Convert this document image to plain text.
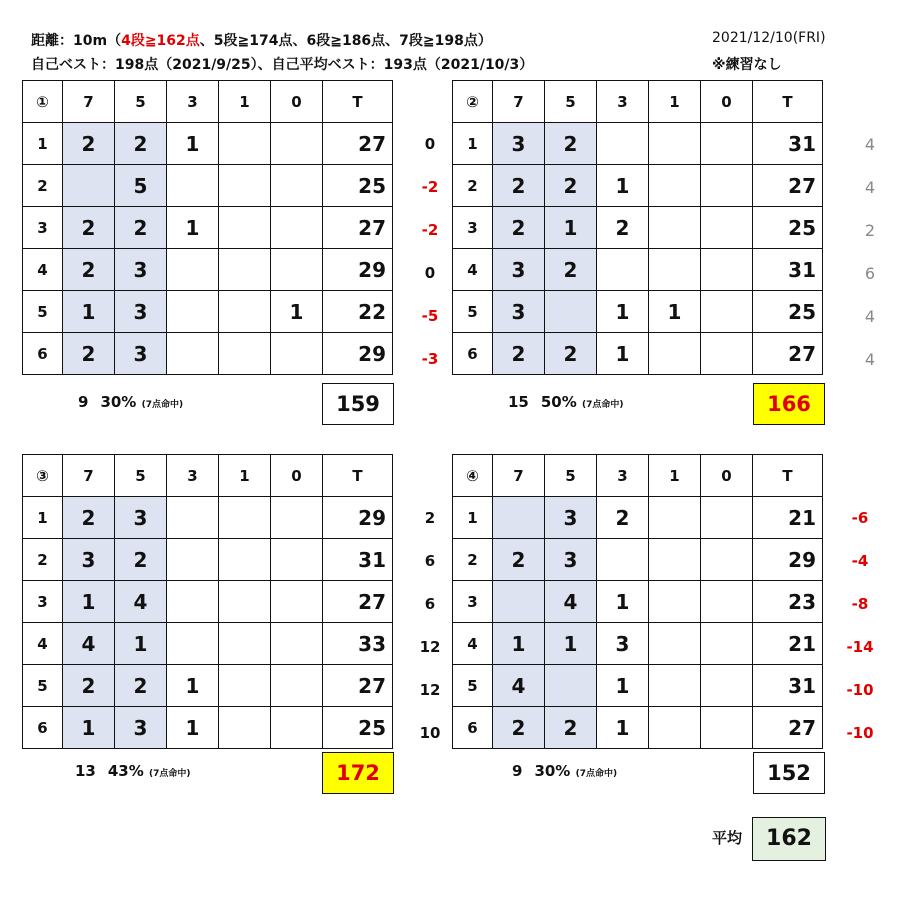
距離：10m（4段≧162点、5段≧174点、6段≧186点、7段≧198点）
自己ベスト：198点（2021/9/25）、自己平均ベスト：193点（2021/10/3）
2021/12/10(FRI)
※練習なし
①	7	5	3	1	0	T
1	2	2	1			27
2		5				25
3	2	2	1			27
4	2	3				29
5	1	3			1	22
6	2	3				29
0
-2
-2
0
-5
-3
9 30% (7点命中)	159
②	7	5	3	1	0	T
1	3	2				31
2	2	2	1			27
3	2	1	2			25
4	3	2				31
5	3		1	1		25
6	2	2	1			27
4
4
2
6
4
4
15 50% (7点命中)	166
③	7	5	3	1	0	T
1	2	3				29
2	3	2				31
3	1	4				27
4	4	1				33
5	2	2	1			27
6	1	3	1			25
2
6
6
12
12
10
13 43% (7点命中)	172
④	7	5	3	1	0	T
1		3	2			21
2	2	3				29
3		4	1			23
4	1	1	3			21
5	4		1			31
6	2	2	1			27
-6
-4
-8
-14
-10
-10
9 30% (7点命中)	152
平均	162
